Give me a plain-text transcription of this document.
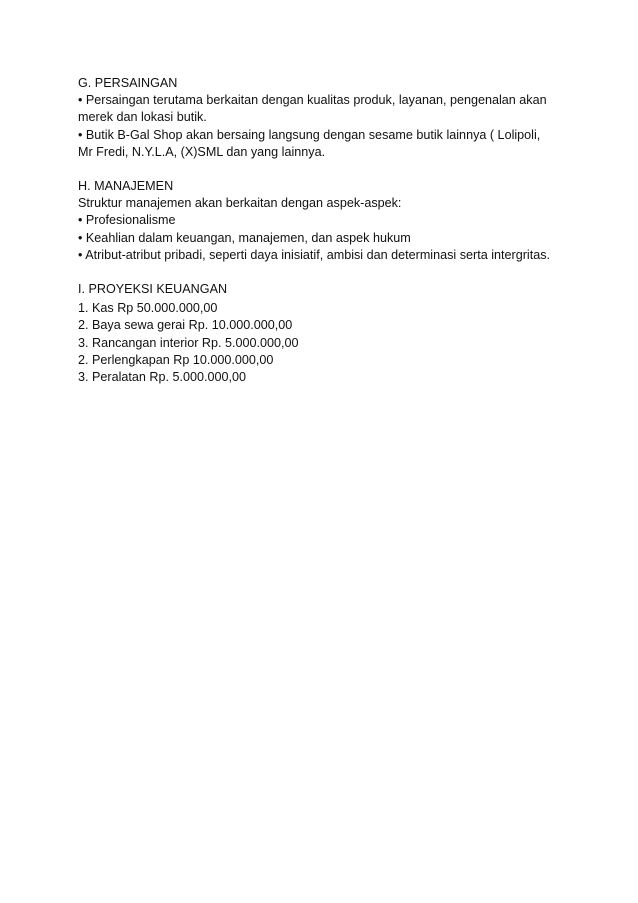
G. PERSAINGAN
• Persaingan terutama berkaitan dengan kualitas produk, layanan, pengenalan akan
merek dan lokasi butik.
• Butik B-Gal Shop akan bersaing langsung dengan sesame butik lainnya ( Lolipoli,
Mr Fredi, N.Y.L.A, (X)SML dan yang lainnya.
H. MANAJEMEN
Struktur manajemen akan berkaitan dengan aspek-aspek:
• Profesionalisme
• Keahlian dalam keuangan, manajemen, dan aspek hukum
• Atribut-atribut pribadi, seperti daya inisiatif, ambisi dan determinasi serta intergritas.
I. PROYEKSI KEUANGAN
1. Kas Rp 50.000.000,00
2. Baya sewa gerai Rp. 10.000.000,00
3. Rancangan interior Rp. 5.000.000,00
2. Perlengkapan Rp 10.000.000,00
3. Peralatan Rp. 5.000.000,00
